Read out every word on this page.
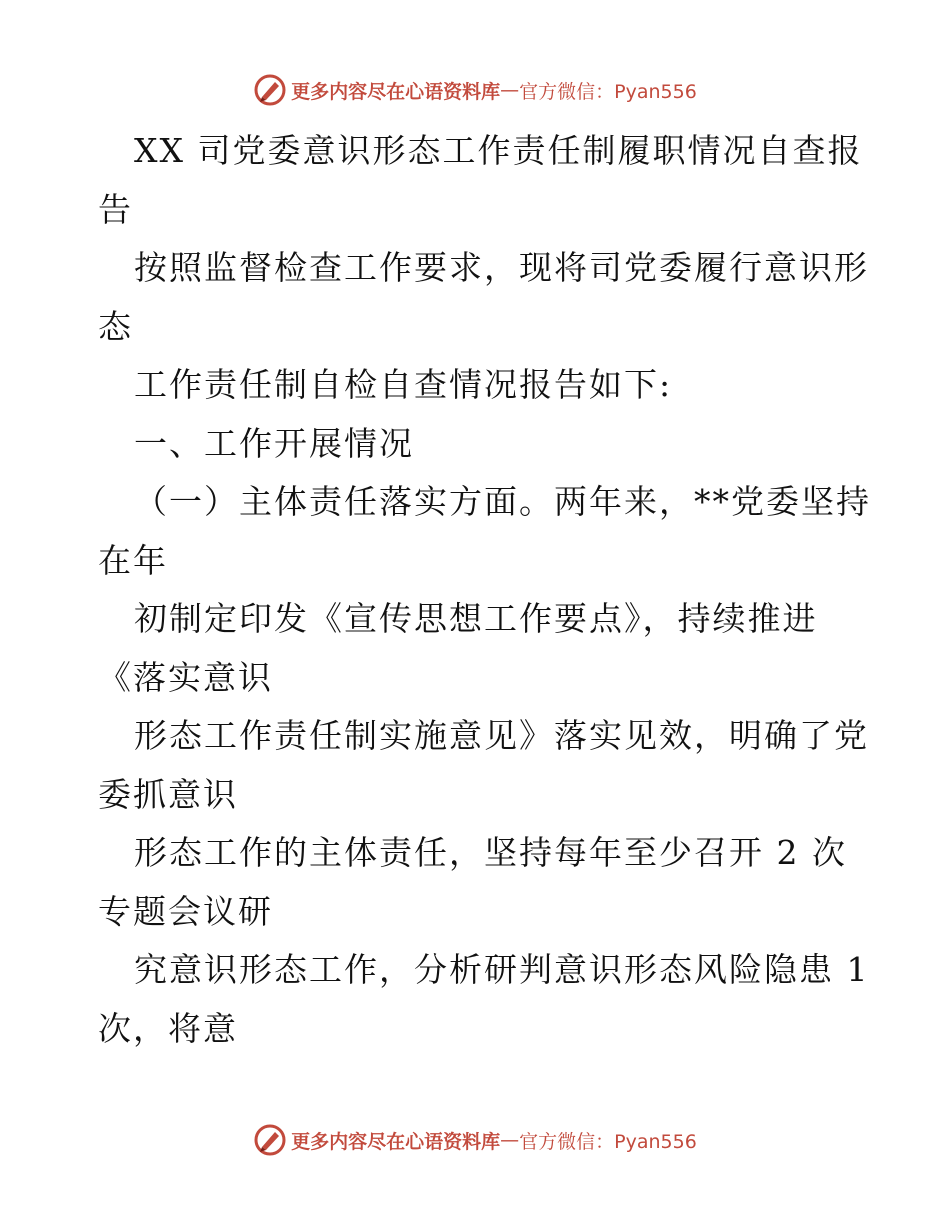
更多内容尽在心语资料库 — 官方微信：Pyan556
XX 司党委意识形态工作责任制履职情况自查报
告
按照监督检查工作要求，现将司党委履行意识形
态
工作责任制自检自查情况报告如下:
一、工作开展情况
（一）主体责任落实方面。两年来，**党委坚持
在年
初制定印发《宣传思想工作要点》，持续推进
《落实意识
形态工作责任制实施意见》落实见效，明确了党
委抓意识
形态工作的主体责任，坚持每年至少召开 2 次
专题会议研
究意识形态工作，分析研判意识形态风险隐患 1
次，将意
更多内容尽在心语资料库 — 官方微信：Pyan556
